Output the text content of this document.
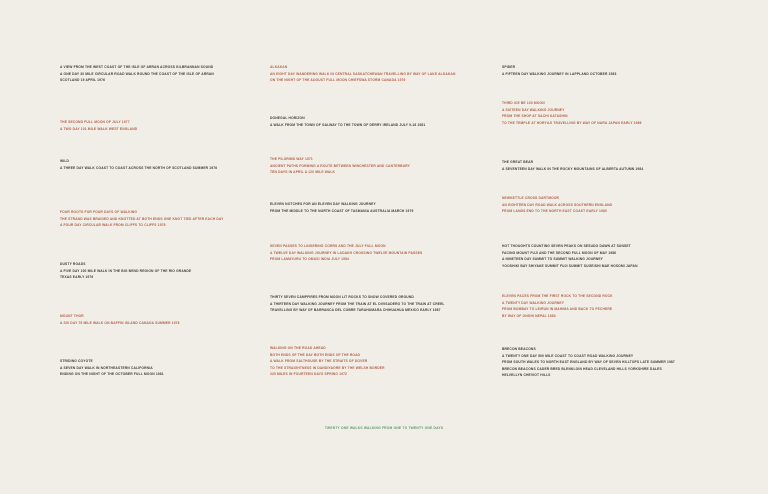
A VIEW FROM THE WEST COAST OF THE ISLE OF ARRAN ACROSS KILBRANNAN SOUND
A ONE DAY 30 MILE CIRCULAR ROAD WALK ROUND THE COAST OF THE ISLE OF ARRAN
SCOTLAND 19 APRIL 1976
THE SECOND FULL MOON OF JULY 1977
A TWO DAY 101 MILE WALK WEST ENGLAND
WILD
A THREE DAY WALK COAST TO COAST ACROSS THE NORTH OF SCOTLAND SUMMER 1976
FOUR ROOTS FOR FOUR DAYS OF WALKING
THE STRAND WAS BRAIDED AND KNOTTED AT BOTH ENDS ONE KNOT TIED AFTER EACH DAY
A FOUR DAY CIRCULAR WALK FROM CLIFFS TO CLIFFS 1978
DUSTY ROADS
A FIVE DAY 100 MILE WALK IN THE BIG BEND REGION OF THE RIO GRANDE
TEXAS EARLY 1976
MOUNT THOR
A SIX DAY 75 MILE WALK ON BAFFIN ISLAND CANADA SUMMER 1976
STRIDING COYOTE
A SEVEN DAY WALK IN NORTHEASTERN CALIFORNIA
ENDING ON THE NIGHT OF THE OCTOBER FULL MOON 1981
ALKAKAN
AN EIGHT DAY WANDERING WALK IN CENTRAL SASKATCHEWAN TRAVELLING BY WAY OF LAKE ALKAKAN
ON THE NIGHT OF THE AUGUST FULL MOON CHIEFSWA STORM CANADA 1976
DONEGAL HORIZON
A WALK FROM THE TOWN OF GALWAY TO THE TOWN OF DERRY IRELAND JULY 9-16 1981
THE PILGRIMS WAY 1971
ANCIENT PATHS FORMING A ROUTE BETWEEN WINCHESTER AND CANTERBURY
TEN DAYS IN APRIL A 120 MILE WALK
ELEVEN NOTCHES FOR AN ELEVEN DAY WALKING JOURNEY
FROM THE MIDDLE TO THE NORTH COAST OF TASMANIA AUSTRALIA MARCH 1979
SEVEN PASSES TO LINGERING CORRS AND THE JULY FULL MOON
A TWELVE DAY WALKING JOURNEY IN LADAKH CROSSING TWELVE MOUNTAIN PASSES
FROM LAMAYURU TO OMASI INDIA JULY 1984
THIRTY SEVEN CAMPFIRES FROM MOON LIT ROCKS TO SNOW COVERED GROUND
A THIRTEEN DAY WALKING JOURNEY FROM THE TRAIN AT EL DIVISADERO TO THE TRAIN AT CREEL
TRAVELLING BY WAY OF BARRANCA DEL COBRE TARAHUMARA CHIHUAHUA MEXICO EARLY 1987
WALKING ON THE ROAD AHEAD
BOTH ENDS OF THE DAY BOTH ENDS OF THE ROAD
A WALK FROM SALTHOUSE BY THE STRAITS OF DOVER
TO THE STRAIGHTNESS IN DANDIYAGRE BY THE WELSH BORDER
220 MILES IN FOURTEEN DAYS SPRING 1972
SPIDER
A FIFTEEN DAY WALKING JOURNEY IN LAPPLAND OCTOBER 1983
THIRD ICE BE 100 MOON
A SIXTEEN DAY WALKING JOURNEY
FROM THE SHOP AT SACHI KATASHIN
TO THE TEMPLE AT HORYUJI TRAVELLING BY WAY OF NARA JAPAN EARLY 1986
THE GREAT BEAR
A SEVENTEEN DAY WALK IN THE ROCKY MOUNTAINS OF ALBERTA AUTUMN 1984
NEWKETTLE CROSS DARTMOOR
AN EIGHTEEN DAY ROAD WALK ACROSS SOUTHERN ENGLAND
FROM LANDS END TO THE NORTH EAST COAST EARLY 1980
HOT THOUGHTS COUNTING SEVEN PEAKS ON SESUDO DAWN AT SUNSET
FACING MOUNT FUJI AND THE SECOND FULL MOON OF MAY 1986
A NINETEEN DAY SUMMIT TO SUMMIT WALKING JOURNEY
YOOSHIKI BAY SHIYAKE SUMMIT FUJI SUMMIT SUGEISHI MAE HOSOMI JAPAN
ELEVEN PACES FROM THE FIRST ROCK TO THE SECOND ROCK
A TWENTY DAY WALKING JOURNEY
FROM BOMBAY TO LEIRUN IN MAHIMA AND BACK TO FECHERE
BY WAY OF ONGHI NEPAL 1983
BRECON BEACONS
A TWENTY ONE DAY 500 MILE COAST TO COAST ROAD WALKING JOURNEY
FROM SOUTH WALES TO NORTH EAST ENGLAND BY WAY OF SEVEN HILLTOPS LATE SUMMER 1987
BRECON BEACONS CADER BRED BLENKLOIN HEAD CLEVELAND HILLS YORKSHIRE DALES
HELVELLYN CHEVIOT HILLS
TWENTY ONE WALKS WALKING FROM ONE TO TWENTY ONE DAYS
